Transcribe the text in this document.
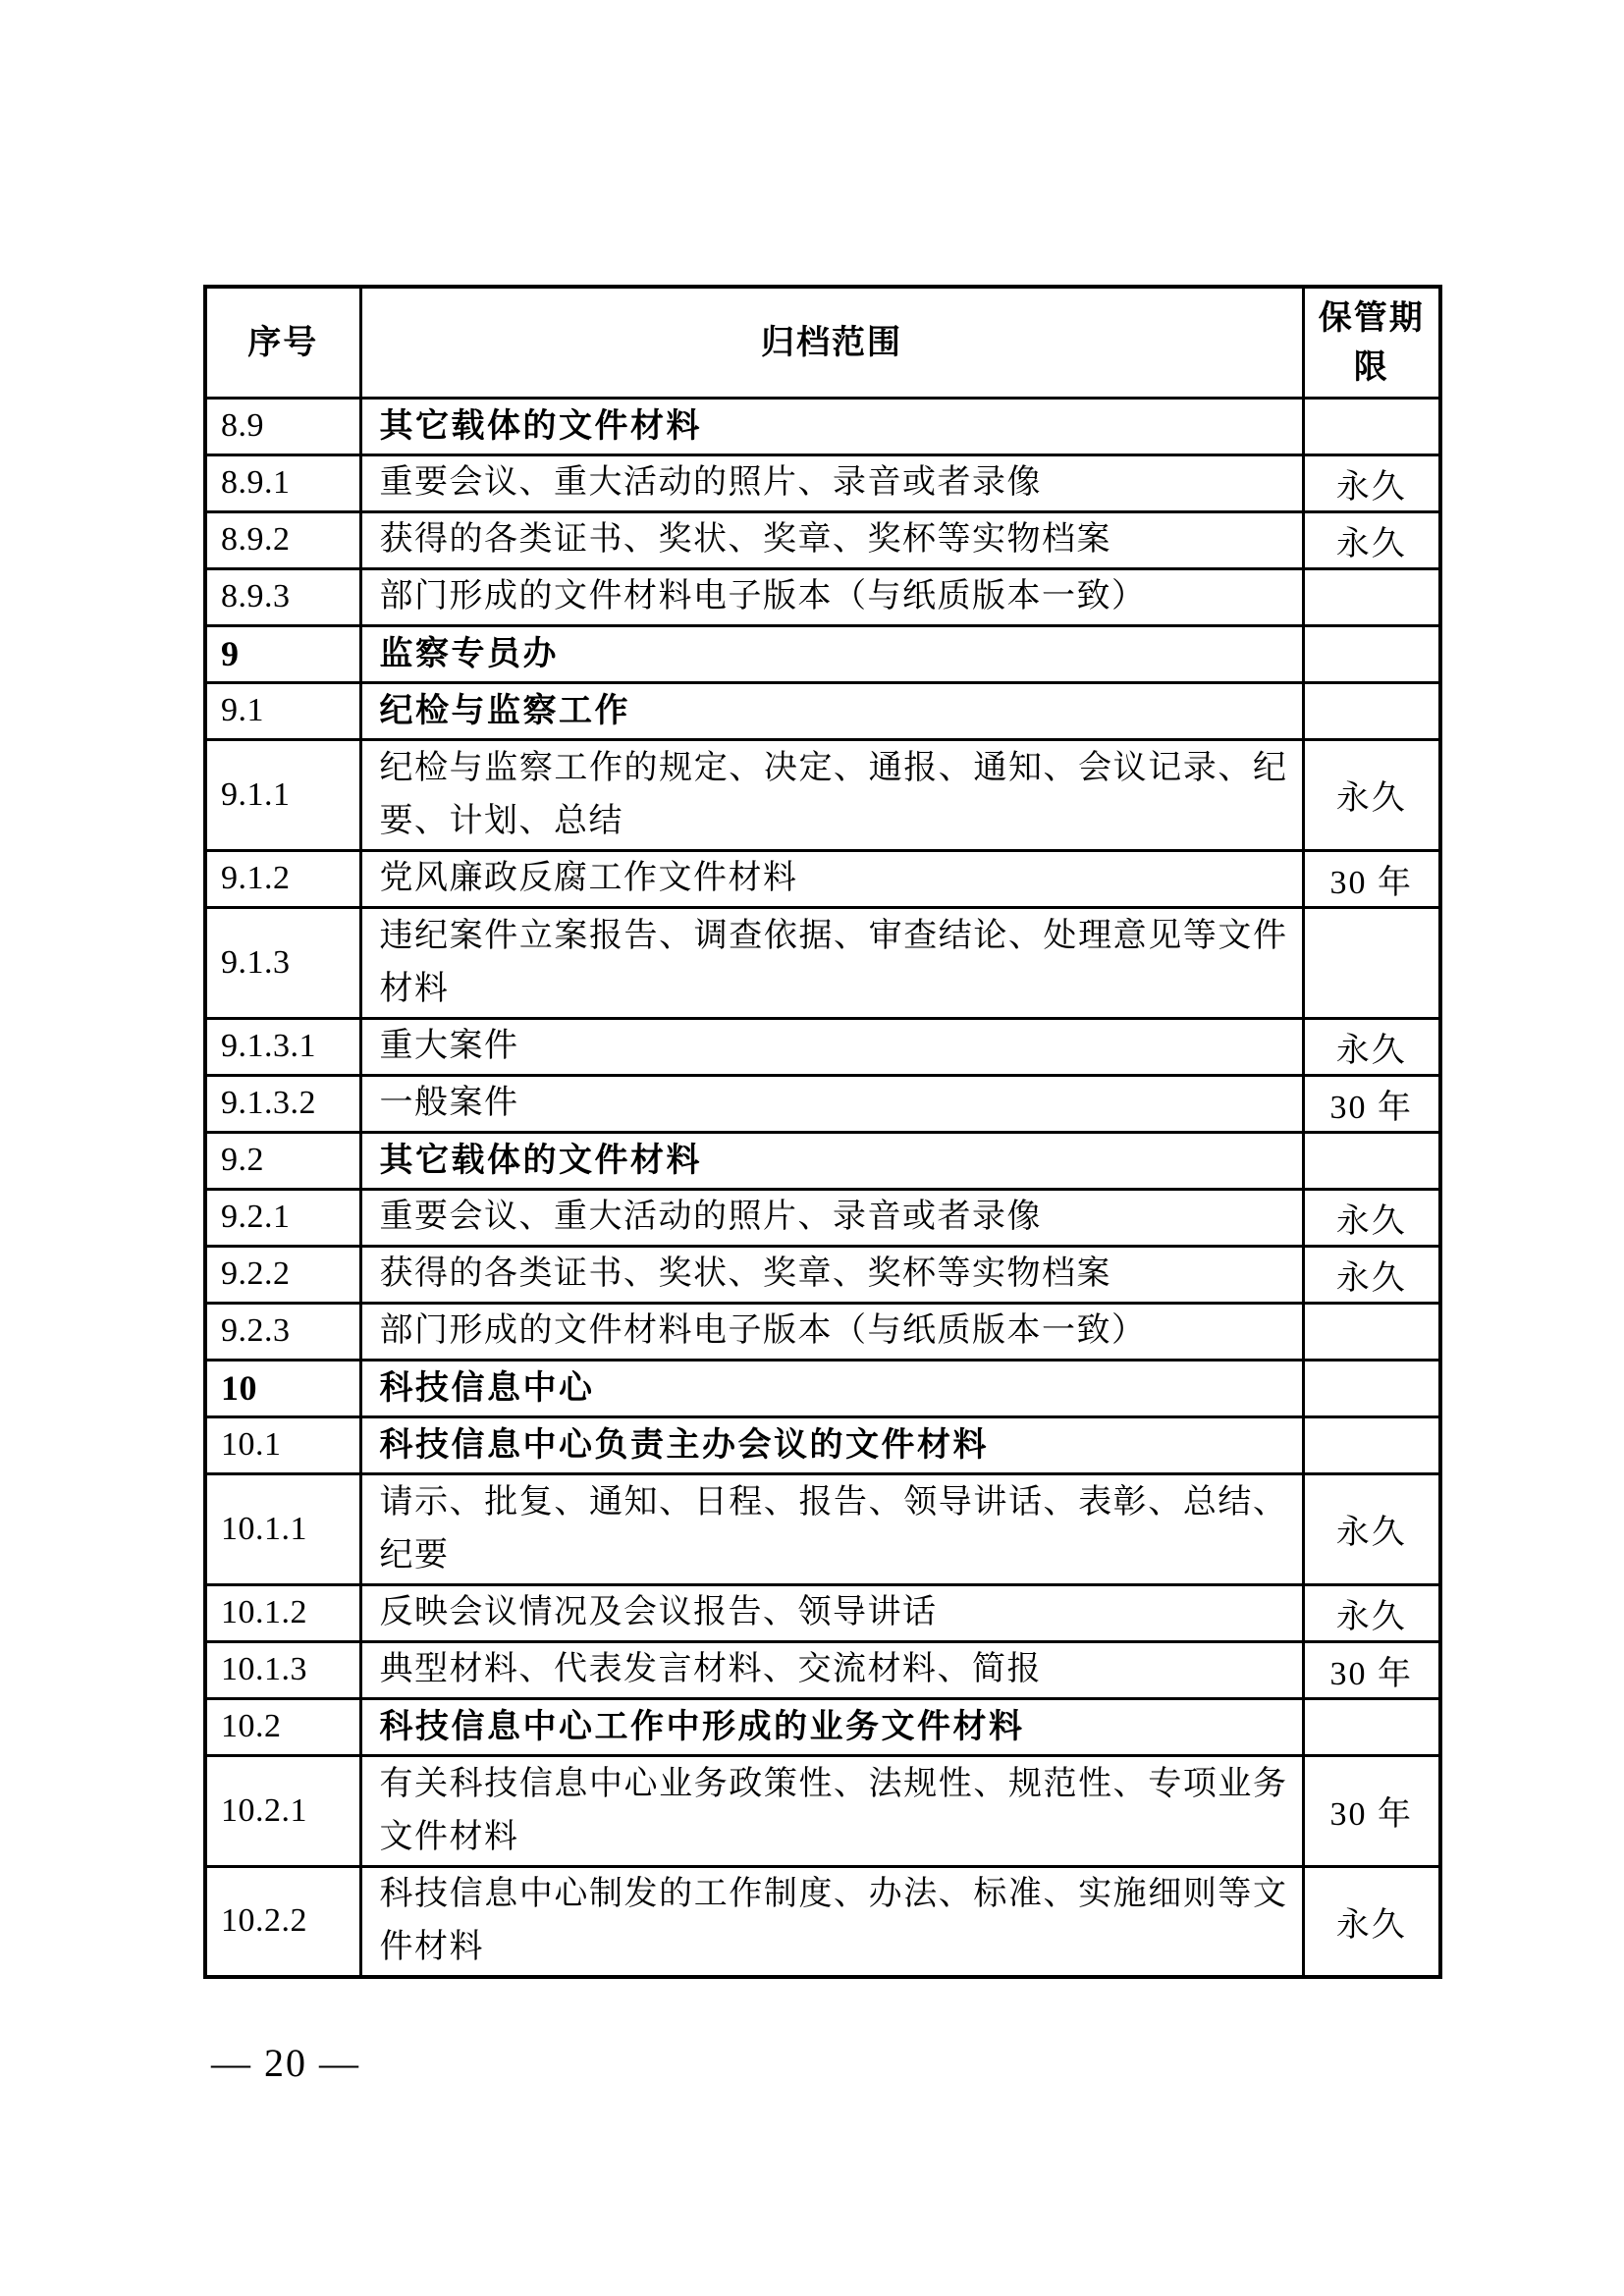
序号	归档范围	保管期限
8.9	其它载体的文件材料	
8.9.1	重要会议、重大活动的照片、录音或者录像	永久
8.9.2	获得的各类证书、奖状、奖章、奖杯等实物档案	永久
8.9.3	部门形成的文件材料电子版本（与纸质版本一致）	
9	监察专员办	
9.1	纪检与监察工作	
9.1.1	纪检与监察工作的规定、决定、通报、通知、会议记录、纪要、计划、总结	永久
9.1.2	党风廉政反腐工作文件材料	30 年
9.1.3	违纪案件立案报告、调查依据、审查结论、处理意见等文件材料	
9.1.3.1	重大案件	永久
9.1.3.2	一般案件	30 年
9.2	其它载体的文件材料	
9.2.1	重要会议、重大活动的照片、录音或者录像	永久
9.2.2	获得的各类证书、奖状、奖章、奖杯等实物档案	永久
9.2.3	部门形成的文件材料电子版本（与纸质版本一致）	
10	科技信息中心	
10.1	科技信息中心负责主办会议的文件材料	
10.1.1	请示、批复、通知、日程、报告、领导讲话、表彰、总结、纪要	永久
10.1.2	反映会议情况及会议报告、领导讲话	永久
10.1.3	典型材料、代表发言材料、交流材料、简报	30 年
10.2	科技信息中心工作中形成的业务文件材料	
10.2.1	有关科技信息中心业务政策性、法规性、规范性、专项业务文件材料	30 年
10.2.2	科技信息中心制发的工作制度、办法、标准、实施细则等文件材料	永久
— 20 —
